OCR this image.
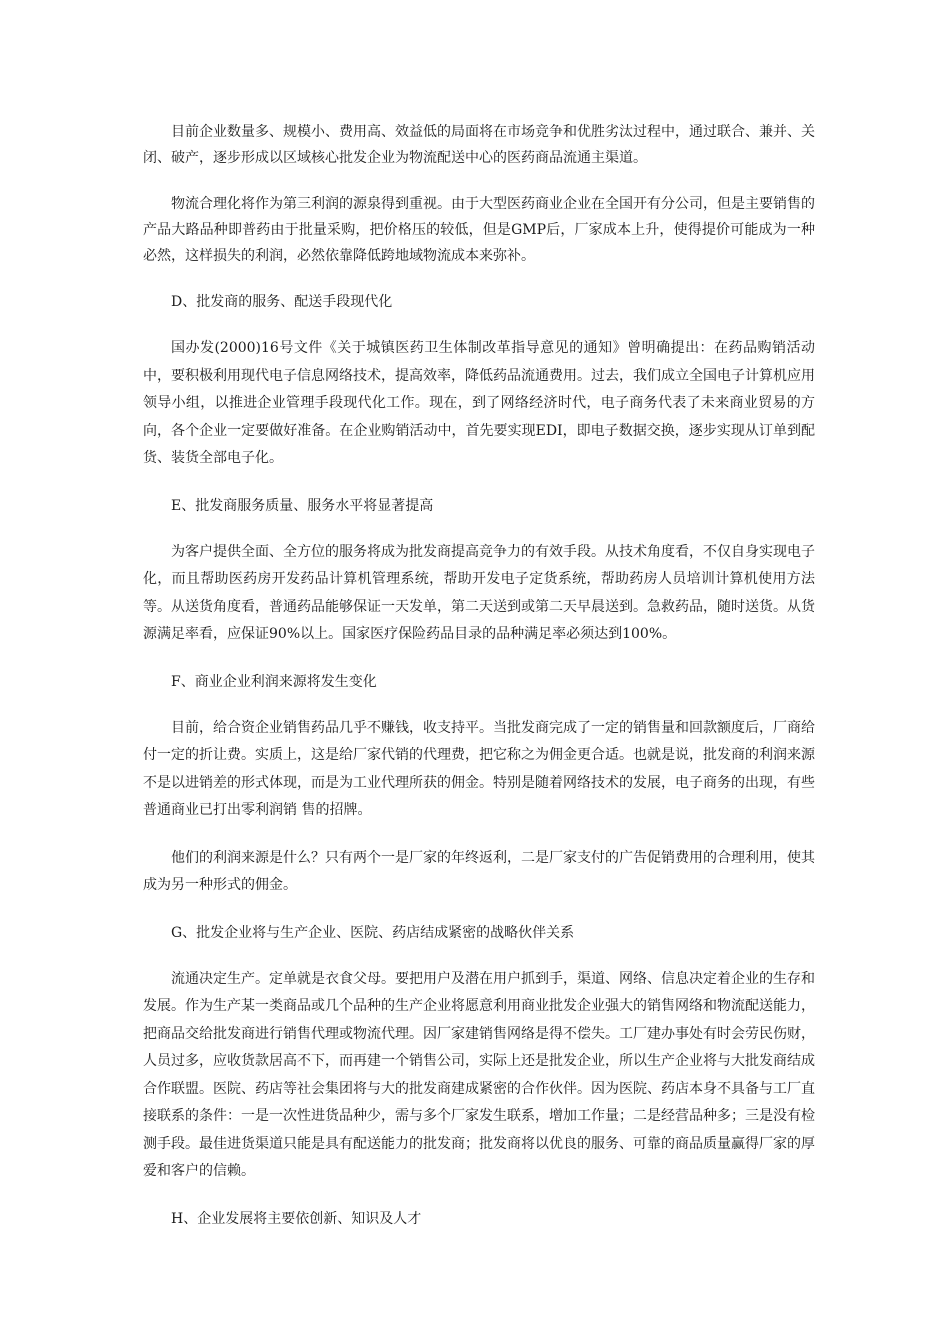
目前企业数量多、规模小、费用高、效益低的局面将在市场竞争和优胜劣汰过程中，通过联合、兼并、关闭、破产，逐步形成以区域核心批发企业为物流配送中心的医药商品流通主渠道。

物流合理化将作为第三利润的源泉得到重视。由于大型医药商业企业在全国开有分公司，但是主要销售的产品大路品种即普药由于批量采购，把价格压的较低，但是GMP后，厂家成本上升，使得提价可能成为一种必然，这样损失的利润，必然依靠降低跨地域物流成本来弥补。

D、批发商的服务、配送手段现代化

国办发(2000)16号文件《关于城镇医药卫生体制改革指导意见的通知》曾明确提出：在药品购销活动中，要积极利用现代电子信息网络技术，提高效率，降低药品流通费用。过去，我们成立全国电子计算机应用领导小组，以推进企业管理手段现代化工作。现在，到了网络经济时代，电子商务代表了未来商业贸易的方向，各个企业一定要做好准备。在企业购销活动中，首先要实现EDI，即电子数据交换，逐步实现从订单到配货、装货全部电子化。

E、批发商服务质量、服务水平将显著提高

为客户提供全面、全方位的服务将成为批发商提高竞争力的有效手段。从技术角度看，不仅自身实现电子化，而且帮助医药房开发药品计算机管理系统，帮助开发电子定货系统，帮助药房人员培训计算机使用方法等。从送货角度看，普通药品能够保证一天发单，第二天送到或第二天早晨送到。急救药品，随时送货。从货源满足率看，应保证90%以上。国家医疗保险药品目录的品种满足率必须达到100%。

F、商业企业利润来源将发生变化

目前，给合资企业销售药品几乎不赚钱，收支持平。当批发商完成了一定的销售量和回款额度后，厂商给付一定的折让费。实质上，这是给厂家代销的代理费，把它称之为佣金更合适。也就是说，批发商的利润来源不是以进销差的形式体现，而是为工业代理所获的佣金。特别是随着网络技术的发展，电子商务的出现，有些普通商业已打出零利润销 售的招牌。

他们的利润来源是什么？只有两个一是厂家的年终返利，二是厂家支付的广告促销费用的合理利用，使其成为另一种形式的佣金。

G、批发企业将与生产企业、医院、药店结成紧密的战略伙伴关系

流通决定生产。定单就是衣食父母。要把用户及潜在用户抓到手，渠道、网络、信息决定着企业的生存和发展。作为生产某一类商品或几个品种的生产企业将愿意利用商业批发企业强大的销售网络和物流配送能力，把商品交给批发商进行销售代理或物流代理。因厂家建销售网络是得不偿失。工厂建办事处有时会劳民伤财，人员过多，应收货款居高不下，而再建一个销售公司，实际上还是批发企业，所以生产企业将与大批发商结成合作联盟。医院、药店等社会集团将与大的批发商建成紧密的合作伙伴。因为医院、药店本身不具备与工厂直接联系的条件：一是一次性进货品种少，需与多个厂家发生联系，增加工作量；二是经营品种多；三是没有检测手段。最佳进货渠道只能是具有配送能力的批发商；批发商将以优良的服务、可靠的商品质量赢得厂家的厚爱和客户的信赖。

H、企业发展将主要依创新、知识及人才
